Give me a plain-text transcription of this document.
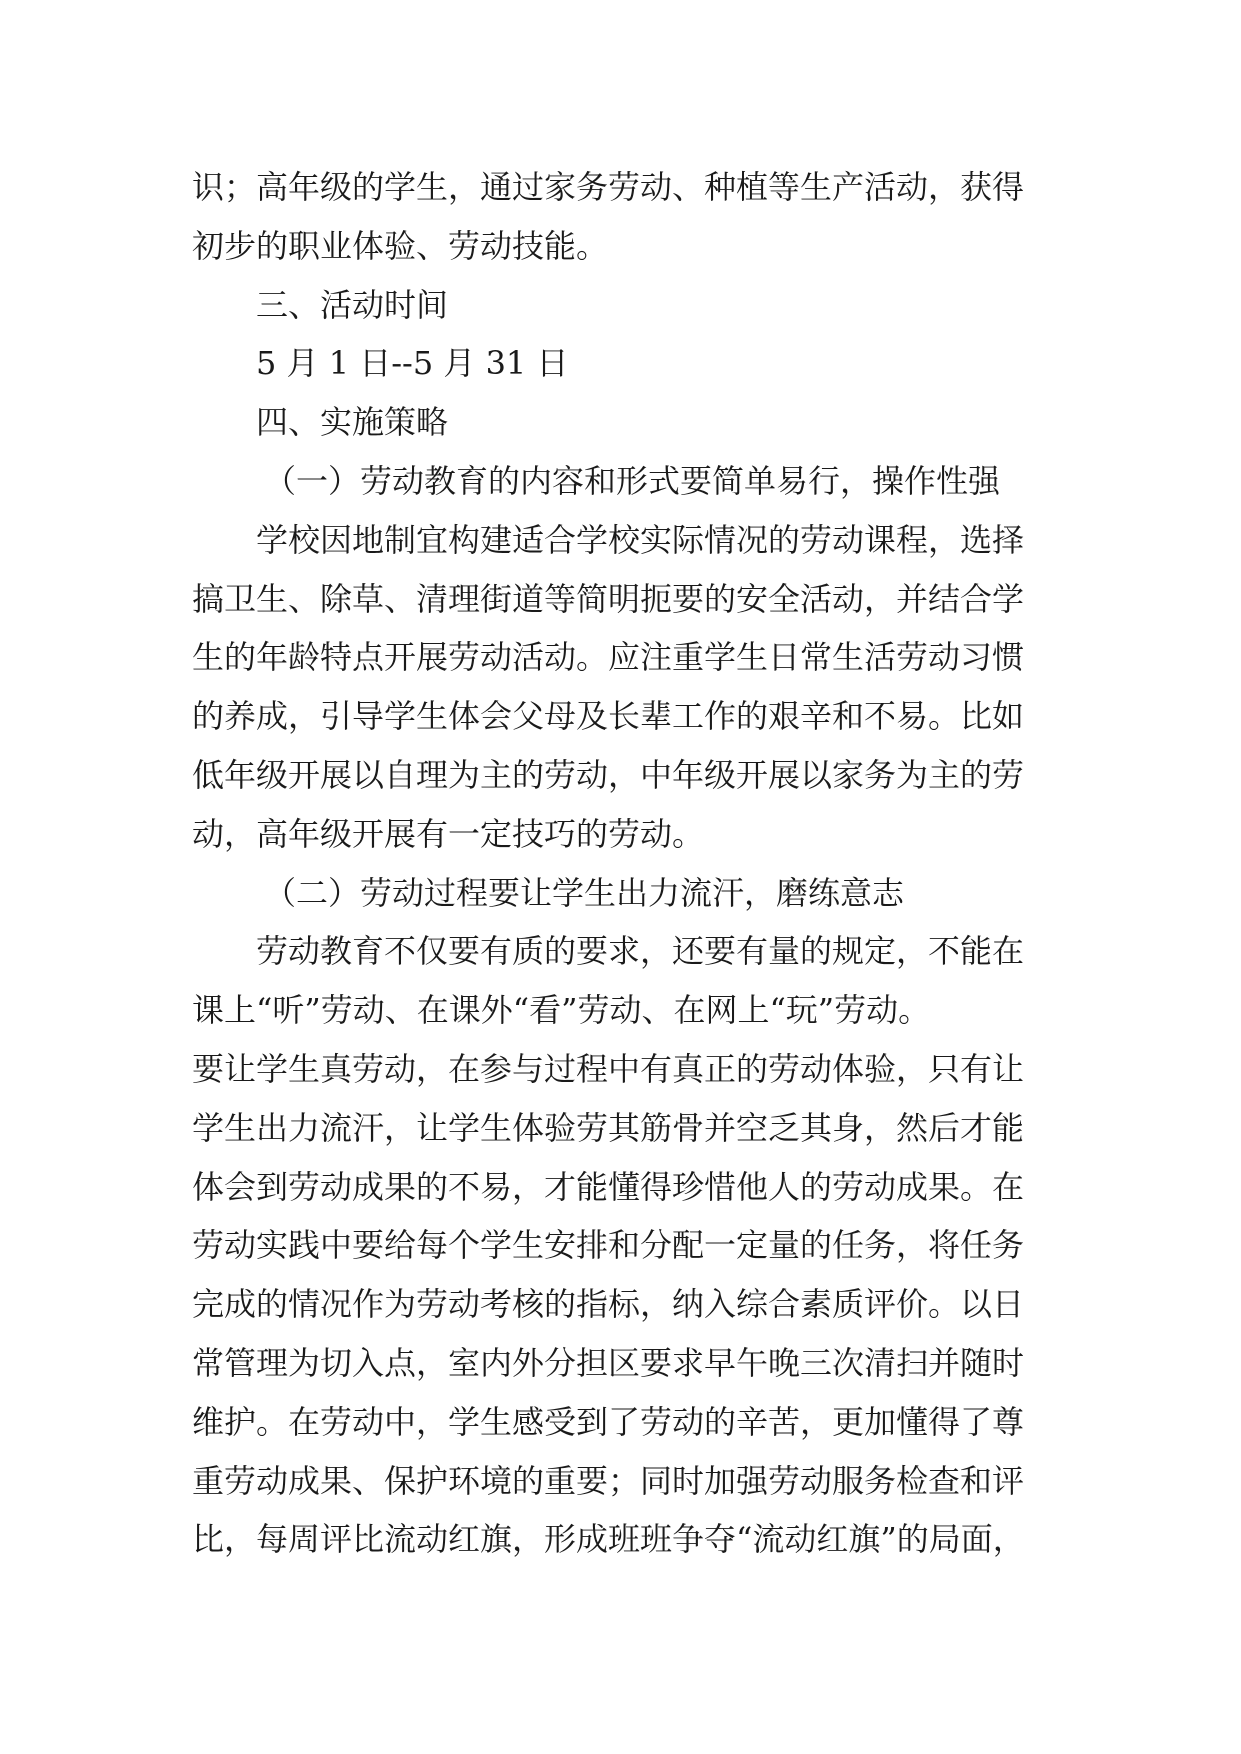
识；高年级的学生，通过家务劳动、种植等生产活动，获得
初步的职业体验、劳动技能。
三、活动时间
5 月 1 日--5 月 31 日
四、实施策略
（一）劳动教育的内容和形式要简单易行，操作性强
学校因地制宜构建适合学校实际情况的劳动课程，选择
搞卫生、除草、清理街道等简明扼要的安全活动，并结合学
生的年龄特点开展劳动活动。应注重学生日常生活劳动习惯
的养成，引导学生体会父母及长辈工作的艰辛和不易。比如
低年级开展以自理为主的劳动，中年级开展以家务为主的劳
动，高年级开展有一定技巧的劳动。
（二）劳动过程要让学生出力流汗，磨练意志
劳动教育不仅要有质的要求，还要有量的规定，不能在
课上“听”劳动、在课外“看”劳动、在网上“玩”劳动。
要让学生真劳动，在参与过程中有真正的劳动体验，只有让
学生出力流汗，让学生体验劳其筋骨并空乏其身，然后才能
体会到劳动成果的不易，才能懂得珍惜他人的劳动成果。在
劳动实践中要给每个学生安排和分配一定量的任务，将任务
完成的情况作为劳动考核的指标，纳入综合素质评价。以日
常管理为切入点，室内外分担区要求早午晚三次清扫并随时
维护。在劳动中，学生感受到了劳动的辛苦，更加懂得了尊
重劳动成果、保护环境的重要；同时加强劳动服务检查和评
比，每周评比流动红旗，形成班班争夺“流动红旗”的局面，
